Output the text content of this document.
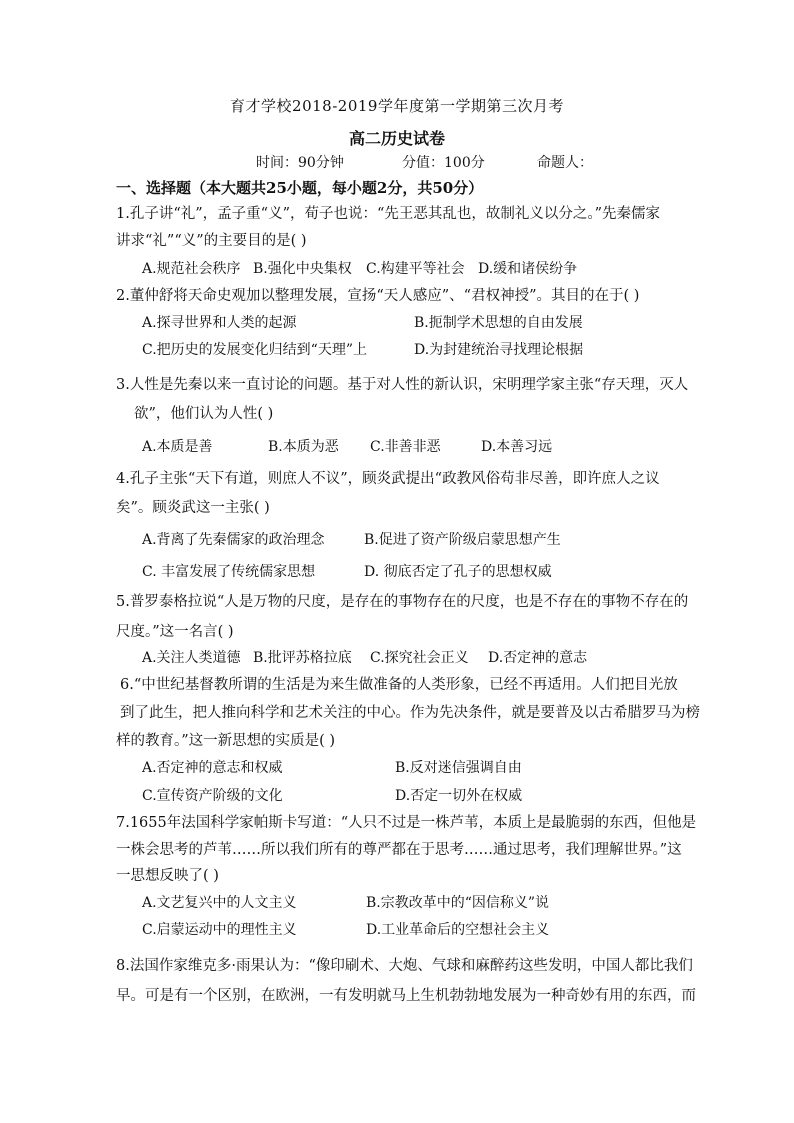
育才学校2018-2019学年度第一学期第三次月考
高二历史试卷
时间：90分钟	分值：100分	命题人：
一、选择题（本大题共25小题，每小题2分，共50分）
1.孔子讲“礼”，孟子重“义”，荀子也说：“先王恶其乱也，故制礼义以分之。”先秦儒家
讲求“礼”“义”的主要目的是( )
A.规范社会秩序 B.强化中央集权 C.构建平等社会 D.缓和诸侯纷争
2.董仲舒将天命史观加以整理发展，宣扬“天人感应”、“君权神授”。其目的在于( )
A.探寻世界和人类的起源	B.扼制学术思想的自由发展
C.把历史的发展变化归结到“天理”上	D.为封建统治寻找理论根据
3.人性是先秦以来一直讨论的问题。基于对人性的新认识，宋明理学家主张“存天理，灭人
欲”，他们认为人性( )
A.本质是善	B.本质为恶 C.非善非恶	D.本善习远
4.孔子主张“天下有道，则庶人不议”，顾炎武提出“政教风俗苟非尽善，即许庶人之议
矣”。顾炎武这一主张( )
A.背离了先秦儒家的政治理念	B.促进了资产阶级启蒙思想产生
C. 丰富发展了传统儒家思想	D. 彻底否定了孔子的思想权威
5.普罗泰格拉说“人是万物的尺度，是存在的事物存在的尺度，也是不存在的事物不存在的
尺度。”这一名言( )
A.关注人类道德 B.批评苏格拉底 C.探究社会正义 D.否定神的意志
6.“中世纪基督教所谓的生活是为来生做准备的人类形象，已经不再适用。人们把目光放
到了此生，把人推向科学和艺术关注的中心。作为先决条件，就是要普及以古希腊罗马为榜
样的教育。”这一新思想的实质是( )
A.否定神的意志和权威	B.反对迷信强调自由
C.宣传资产阶级的文化	D.否定一切外在权威
7.1655年法国科学家帕斯卡写道：“人只不过是一株芦苇，本质上是最脆弱的东西，但他是
一株会思考的芦苇……所以我们所有的尊严都在于思考……通过思考，我们理解世界。”这
一思想反映了( )
A.文艺复兴中的人文主义	B.宗教改革中的“因信称义”说
C.启蒙运动中的理性主义	D.工业革命后的空想社会主义
8.法国作家维克多·雨果认为：“像印刷术、大炮、气球和麻醉药这些发明，中国人都比我们
早。可是有一个区别，在欧洲，一有发明就马上生机勃勃地发展为一种奇妙有用的东西，而
